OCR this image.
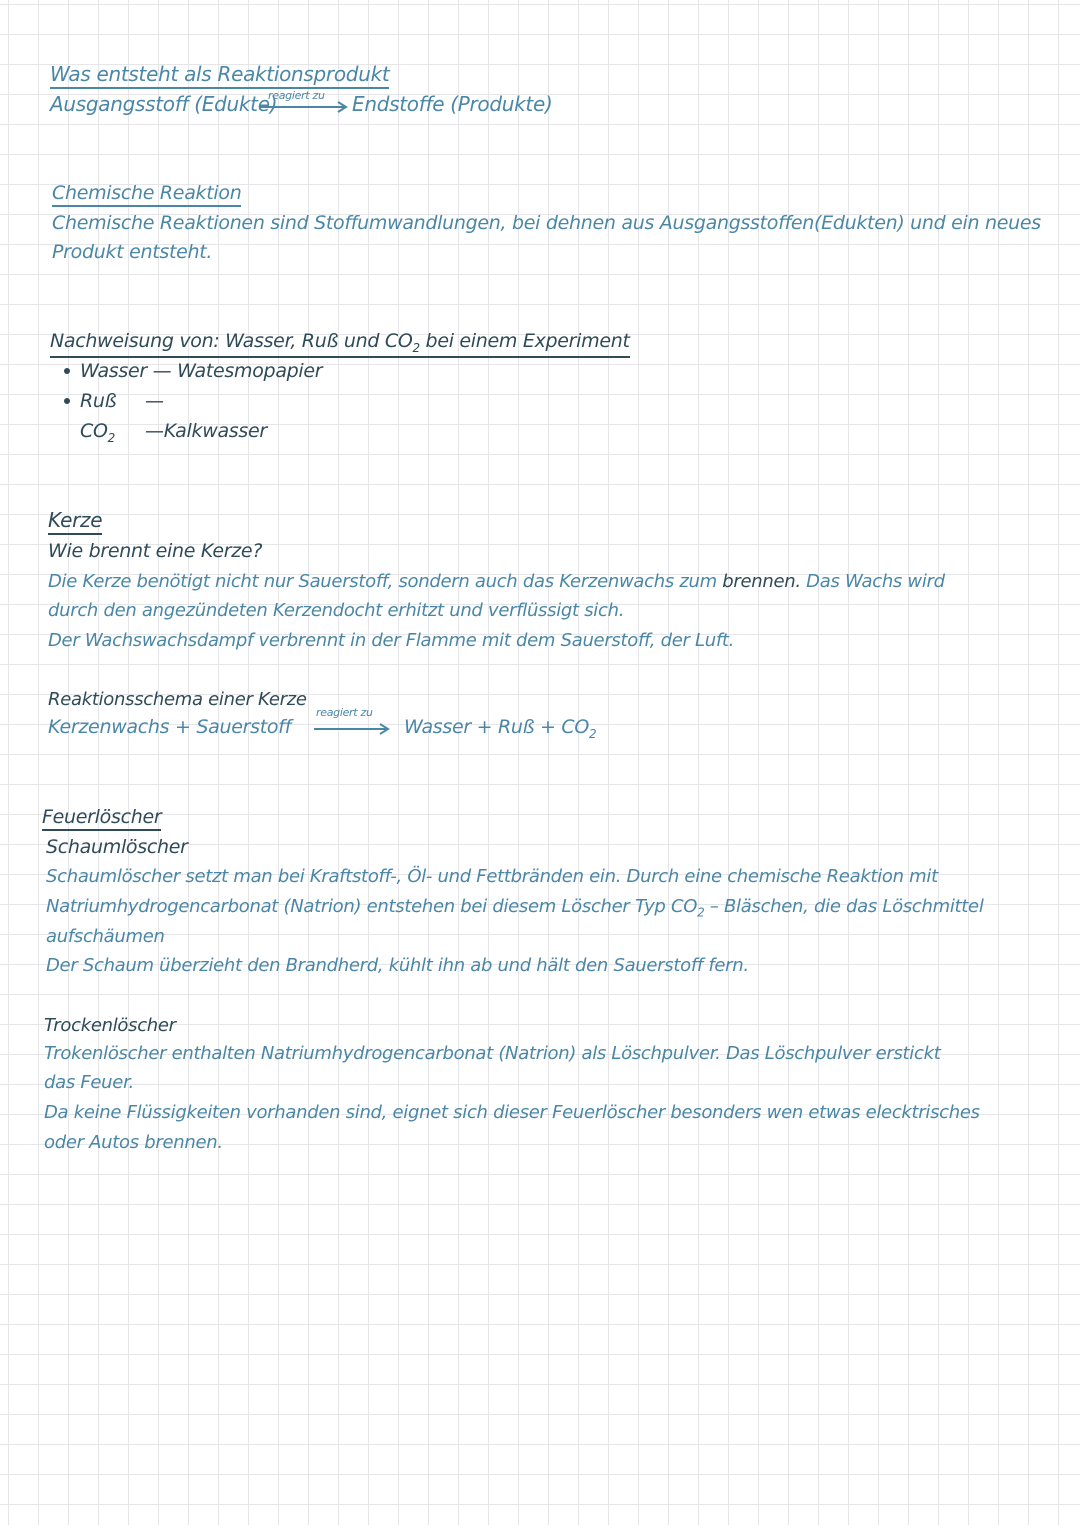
Was entsteht als Reaktionsprodukt
Ausgangsstoff (Edukte)
reagiert zu Endstoffe (Produkte)
Chemische Reaktion
Chemische Reaktionen sind Stoffumwandlungen, bei dehnen aus Ausgangsstoffen(Edukten) und ein neues
Produkt entsteht.
Nachweisung von: Wasser, Ruß und $CO_2$ bei einem Experiment
Wasser — Watesmopapier
Ruß —
$CO_2$ —Kalkwasser
Kerze
Wie brennt eine Kerze?
Die Kerze benötigt nicht nur Sauerstoff, sondern auch das Kerzenwachs zum brennen. Das Wachs wird
durch den angezündeten Kerzendocht erhitzt und verflüssigt sich.
Der Wachswachsdampf verbrennt in der Flamme mit dem Sauerstoff, der Luft.
Reaktionsschema einer Kerze
Kerzenwachs + Sauerstoff
reagiert zu
Wasser + Ruß + $CO_2$
Feuerlöscher
Schaumlöscher
Schaumlöscher setzt man bei Kraftstoff-, Öl- und Fettbränden ein. Durch eine chemische Reaktion mit
Natriumhydrogencarbonat (Natrion) entstehen bei diesem Löscher Typ $CO_2$ – Bläschen, die das Löschmittel
aufschäumen
Der Schaum überzieht den Brandherd, kühlt ihn ab und hält den Sauerstoff fern.
Trockenlöscher
Trokenlöscher enthalten Natriumhydrogencarbonat (Natrion) als Löschpulver. Das Löschpulver erstickt
das Feuer.
Da keine Flüssigkeiten vorhanden sind, eignet sich dieser Feuerlöscher besonders wen etwas elecktrisches
oder Autos brennen.
